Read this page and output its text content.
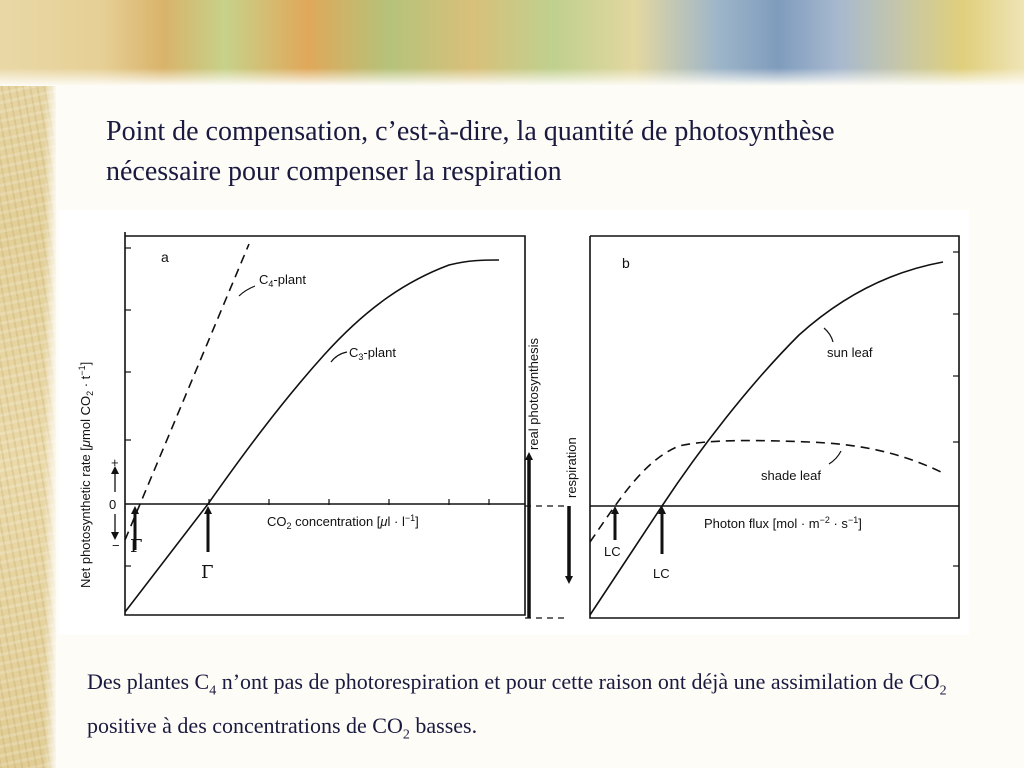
Point de compensation, c’est-à-dire, la quantité de photosynthèse
nécessaire pour compenser la respiration
Net photosynthetic rate [μmol $CO_2 \cdot t^{-1}$]
+
0
−
a
$C_4$-plant
$C_3$-plant
Γ
Γ
$CO_2$ concentration $[\mu l \cdot l^{-1}]$
real photosynthesis
respiration
b
sun leaf
shade leaf
LC
LC
Photon flux $[mol \cdot m^{-2} \cdot s^{-1}]$

Des plantes $C_4$ n’ont pas de photorespiration et pour cette raison ont déjà une assimilation de $CO_2$ positive à des concentrations de $CO_2$ basses.
